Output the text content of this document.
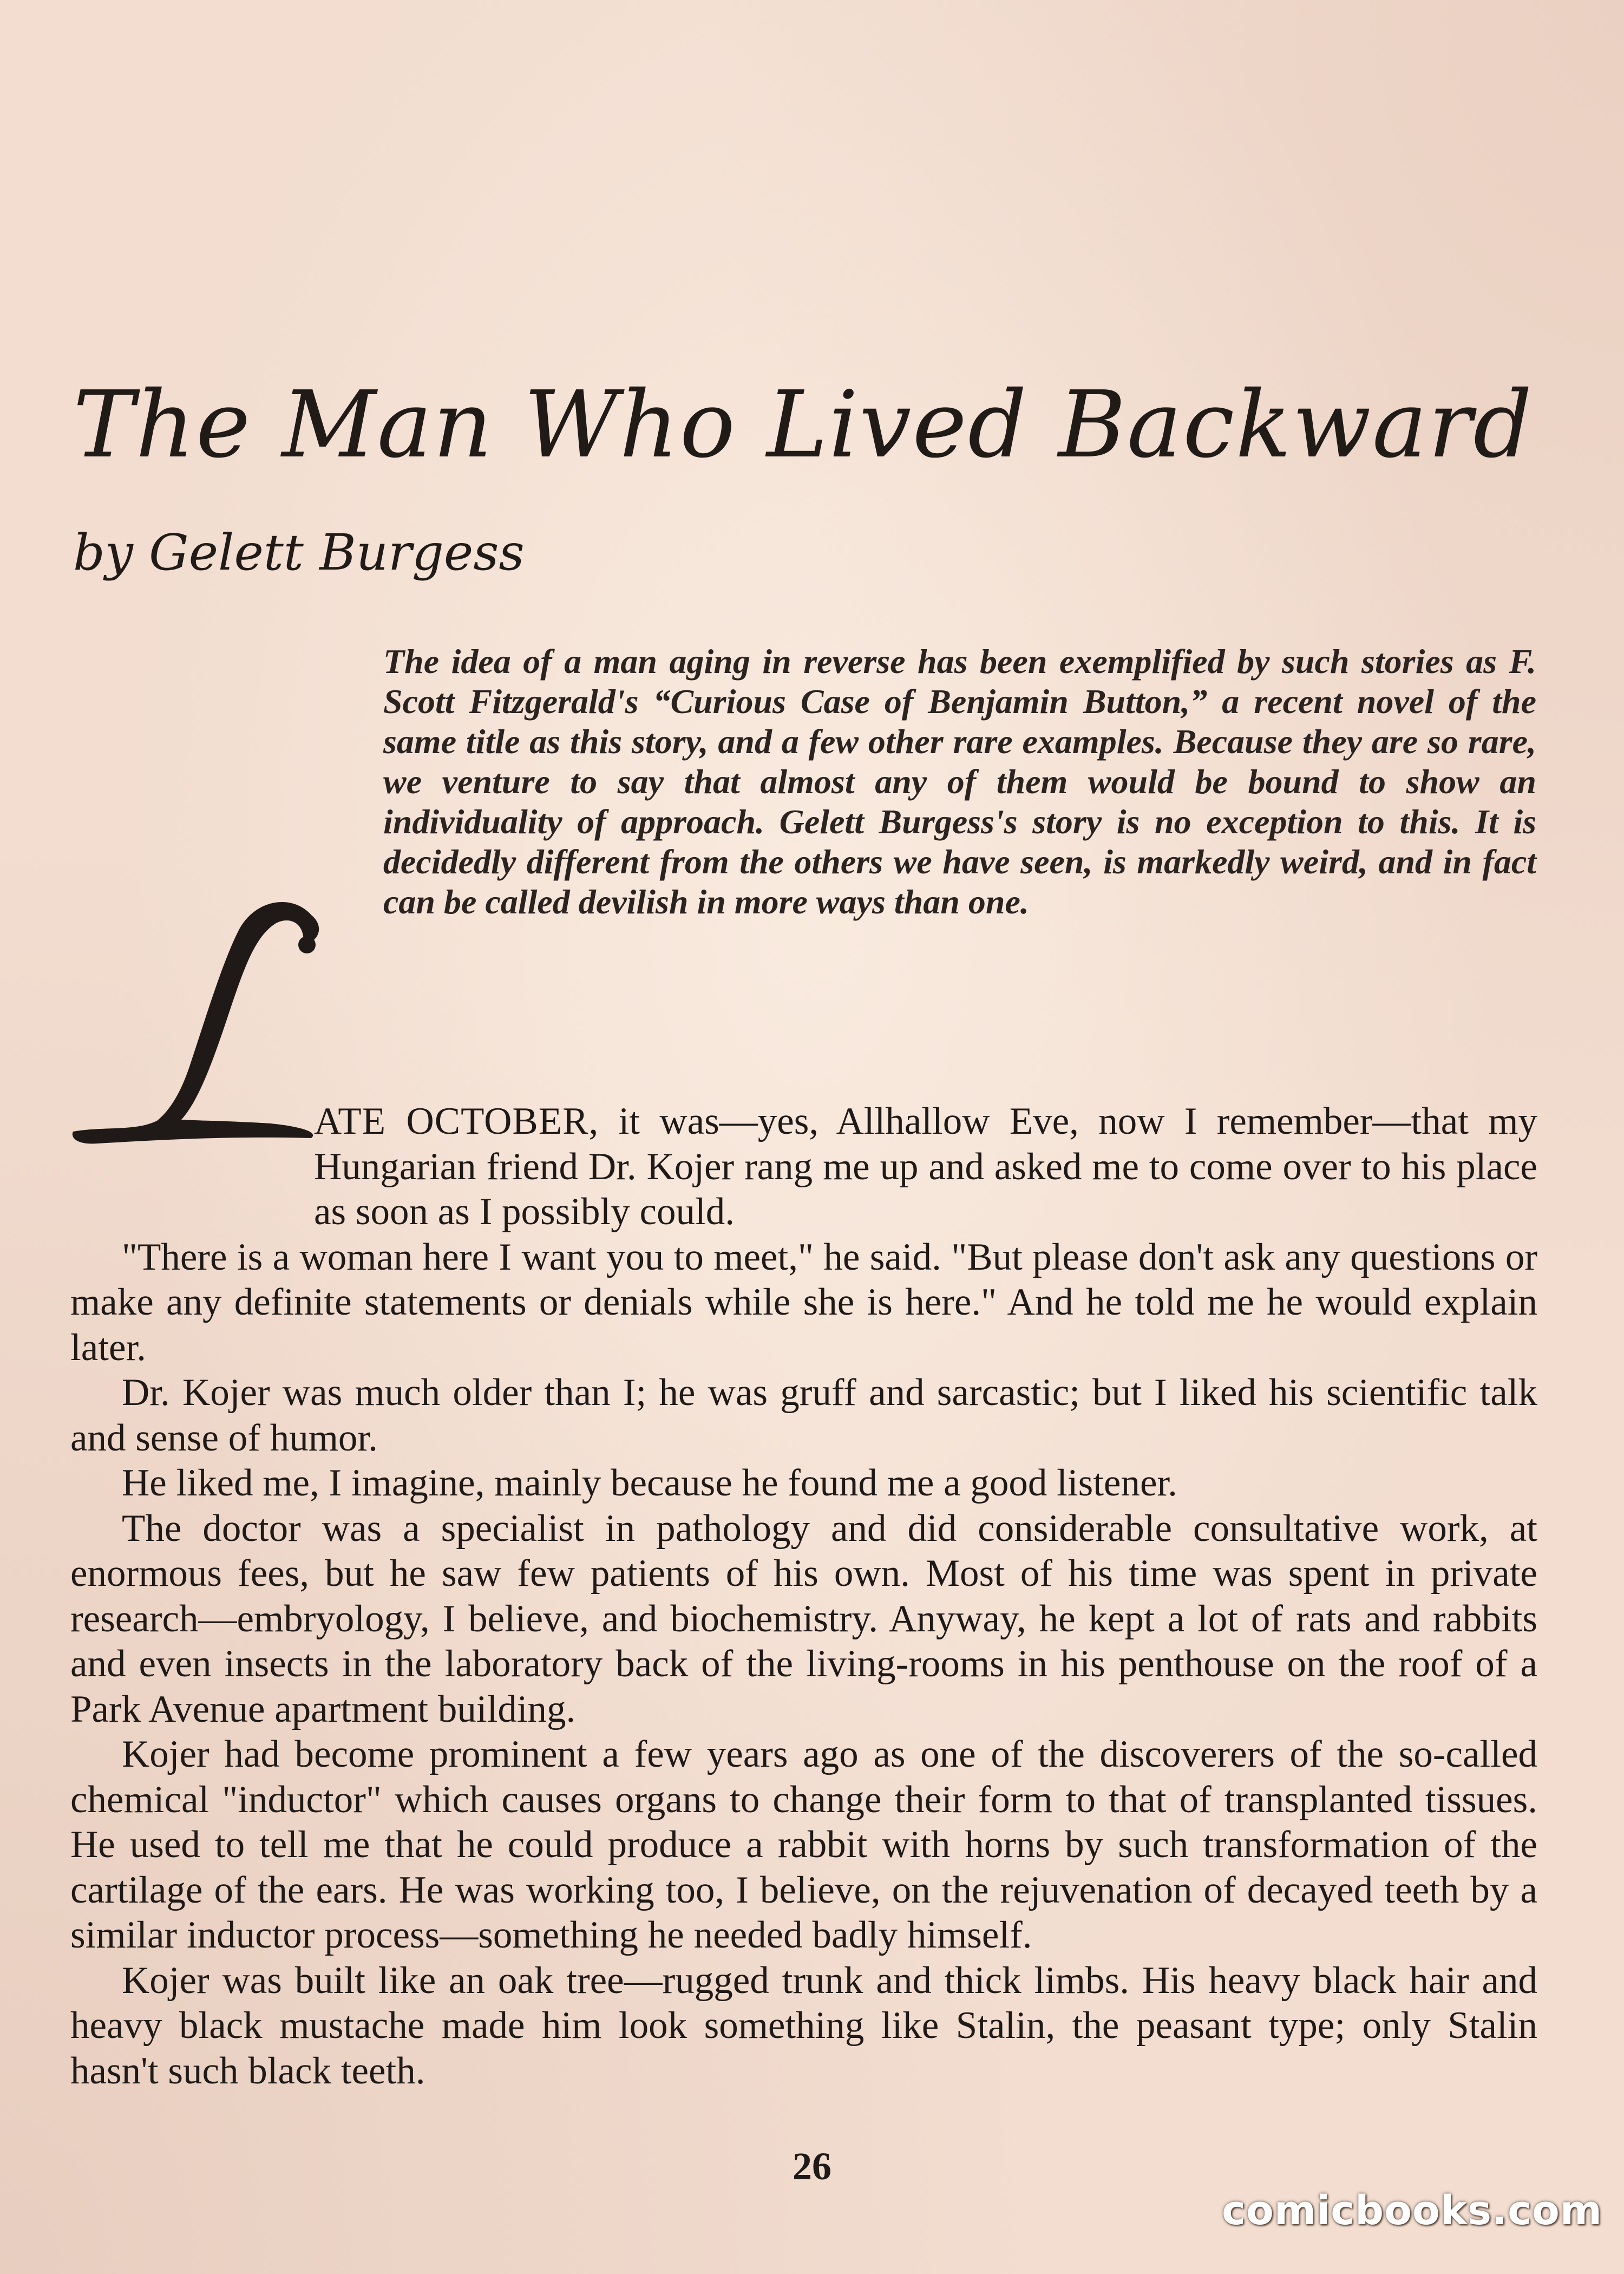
The Man Who Lived Backward
by Gelett Burgess

The idea of a man aging in reverse has been exemplified by such stories as F. Scott Fitzgerald's “Curious Case of Benjamin Button,” a recent novel of the same title as this story, and a few other rare examples. Because they are so rare, we venture to say that almost any of them would be bound to show an individuality of approach. Gelett Burgess's story is no exception to this. It is decidedly different from the others we have seen, is markedly weird, and in fact can be called devilish in more ways than one.

ATE OCTOBER, it was—yes, Allhallow Eve, now I remember—that my Hungarian friend Dr. Kojer rang me up and asked me to come over to his place as soon as I possibly could.

"There is a woman here I want you to meet," he said. "But please don't ask any questions or make any definite statements or denials while she is here." And he told me he would explain later.

Dr. Kojer was much older than I; he was gruff and sarcastic; but I liked his scientific talk and sense of humor.

He liked me, I imagine, mainly because he found me a good listener.

The doctor was a specialist in pathology and did considerable consultative work, at enormous fees, but he saw few patients of his own. Most of his time was spent in private research—embryology, I believe, and biochemistry. Anyway, he kept a lot of rats and rabbits and even insects in the laboratory back of the living-rooms in his penthouse on the roof of a Park Avenue apartment building.

Kojer had become prominent a few years ago as one of the discoverers of the so-called chemical "inductor" which causes organs to change their form to that of transplanted tissues. He used to tell me that he could produce a rabbit with horns by such transformation of the cartilage of the ears. He was working too, I believe, on the rejuvenation of decayed teeth by a similar inductor process—something he needed badly himself.

Kojer was built like an oak tree—rugged trunk and thick limbs. His heavy black hair and heavy black mustache made him look something like Stalin, the peasant type; only Stalin hasn't such black teeth.

26
comicbooks.com
